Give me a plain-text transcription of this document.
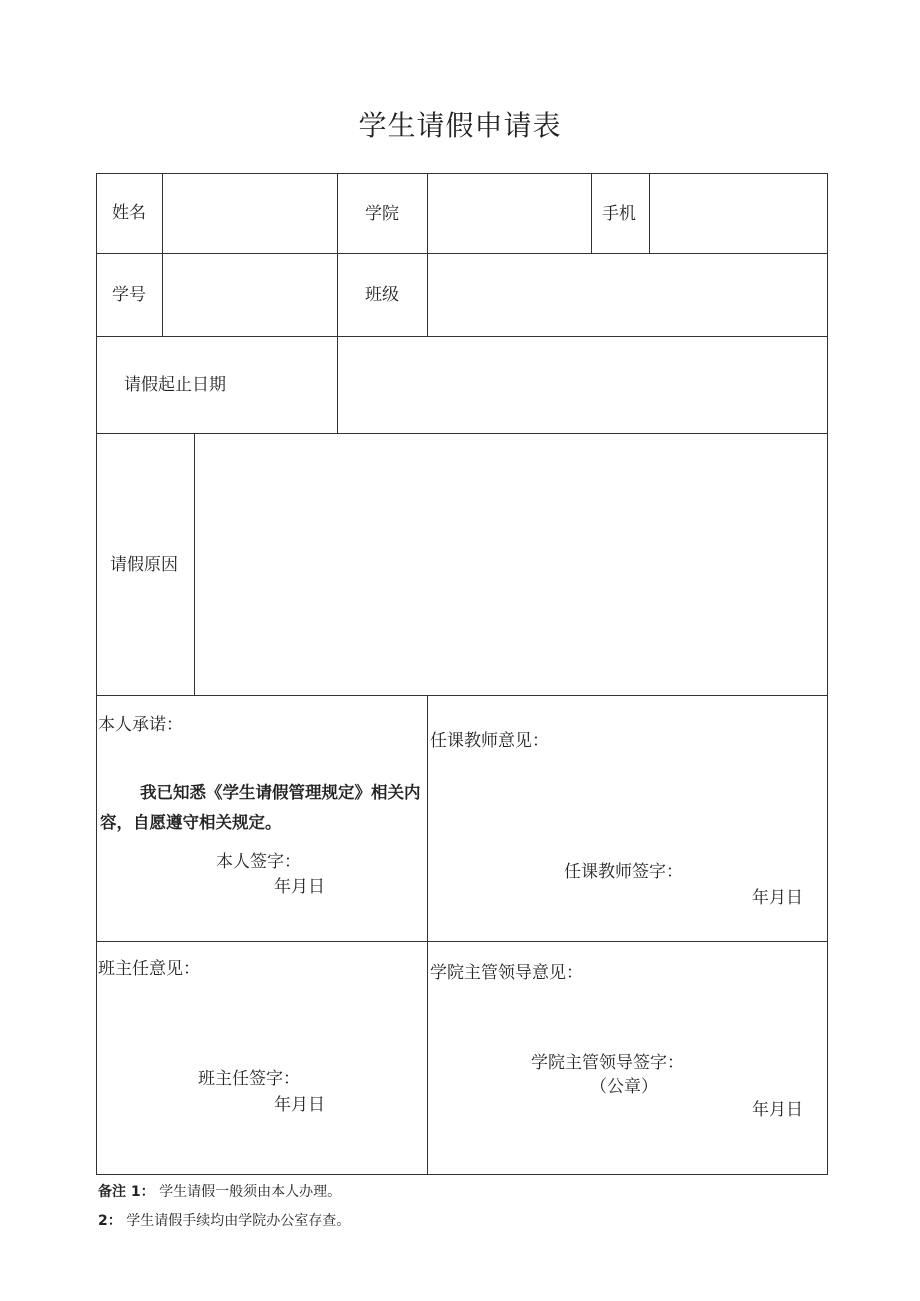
学生请假申请表
姓名	学院	手机
学号	班级
请假起止日期
请假原因
本人承诺：
我已知悉《学生请假管理规定》相关内容，自愿遵守相关规定。
本人签字：
年月日
任课教师意见：
任课教师签字：
年月日
班主任意见：
班主任签字：
年月日
学院主管领导意见：
学院主管领导签字：
（公章）
年月日
备注 1： 学生请假一般须由本人办理。
2： 学生请假手续均由学院办公室存查。
